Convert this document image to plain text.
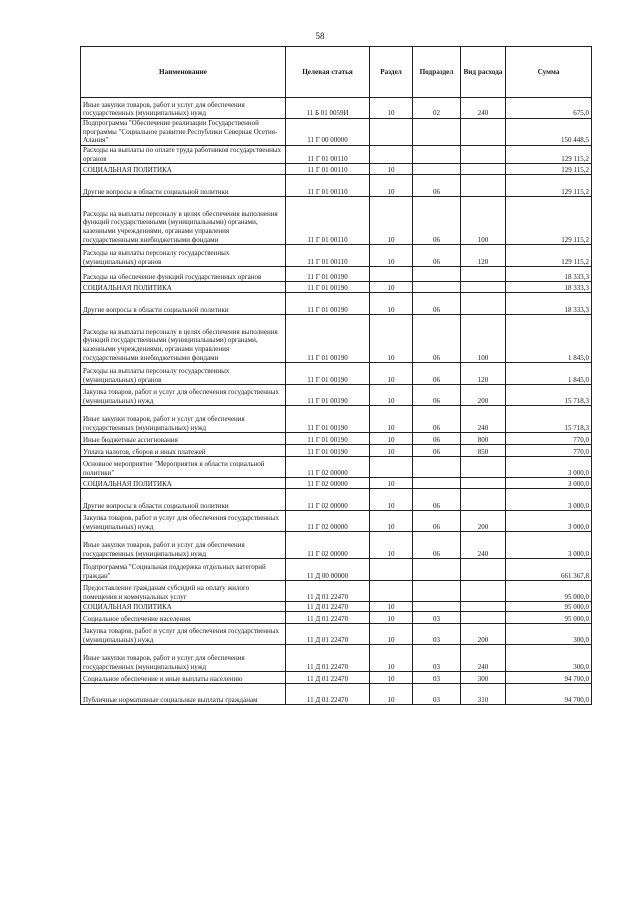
58
Наименование	Целевая статья	Раздел	Подраздел	Вид расхода	Сумма
Иные закупки товаров, работ и услуг для обеспечения государственных (муниципальных) нужд	11 Б 01 0059И	10	02	240	675,0
Подпрограмма "Обеспечение реализации Государственной программы "Социальное развитие Республики Северная Осетия-Алания"	11 Г 00 00000				150 448,5
Расходы на выплаты по оплате труда работников государственных органов	11 Г 01 00110				129 115,2
СОЦИАЛЬНАЯ ПОЛИТИКА	11 Г 01 00110	10			129 115,2
Другие вопросы в области социальной политики	11 Г 01 00110	10	06		129 115,2
Расходы на выплаты персоналу в целях обеспечения выполнения функций государственными (муниципальными) органами, казенными учреждениями, органами управления государственными внебюджетными фондами	11 Г 01 00110	10	06	100	129 115,2
Расходы на выплаты персоналу государственных (муниципальных) органов	11 Г 01 00110	10	06	120	129 115,2
Расходы на обеспечение функций государственных органов	11 Г 01 00190				18 333,3
СОЦИАЛЬНАЯ ПОЛИТИКА	11 Г 01 00190	10			18 333,3
Другие вопросы в области социальной политики	11 Г 01 00190	10	06		18 333,3
Расходы на выплаты персоналу в целях обеспечения выполнения функций государственными (муниципальными) органами, казенными учреждениями, органами управления государственными внебюджетными фондами	11 Г 01 00190	10	06	100	1 845,0
Расходы на выплаты персоналу государственных (муниципальных) органов	11 Г 01 00190	10	06	120	1 845,0
Закупка товаров, работ и услуг для обеспечения государственных (муниципальных) нужд	11 Г 01 00190	10	06	200	15 718,3
Иные закупки товаров, работ и услуг для обеспечения государственных (муниципальных) нужд	11 Г 01 00190	10	06	240	15 718,3
Иные бюджетные ассигнования	11 Г 01 00190	10	06	800	770,0
Уплата налогов, сборов и иных платежей	11 Г 01 00190	10	06	850	770,0
Основное мероприятие "Мероприятия в области социальной политики"	11 Г 02 00000				3 000,0
СОЦИАЛЬНАЯ ПОЛИТИКА	11 Г 02 00000	10			3 000,0
Другие вопросы в области социальной политики	11 Г 02 00000	10	06		3 000,0
Закупка товаров, работ и услуг для обеспечения государственных (муниципальных) нужд	11 Г 02 00000	10	06	200	3 000,0
Иные закупки товаров, работ и услуг для обеспечения государственных (муниципальных) нужд	11 Г 02 00000	10	06	240	3 000,0
Подпрограмма "Социальная поддержка отдельных категорий граждан"	11 Д 00 00000				661 367,8
Предоставление гражданам субсидий на оплату жилого помещения и коммунальных услуг	11 Д 01 22470				95 000,0
СОЦИАЛЬНАЯ ПОЛИТИКА	11 Д 01 22470	10			95 000,0
Социальное обеспечение населения	11 Д 01 22470	10	03		95 000,0
Закупка товаров, работ и услуг для обеспечения государственных (муниципальных) нужд	11 Д 01 22470	10	03	200	300,0
Иные закупки товаров, работ и услуг для обеспечения государственных (муниципальных) нужд	11 Д 01 22470	10	03	240	300,0
Социальное обеспечение и иные выплаты населению	11 Д 01 22470	10	03	300	94 700,0
Публичные нормативные социальные выплаты гражданам	11 Д 01 22470	10	03	310	94 700,0
